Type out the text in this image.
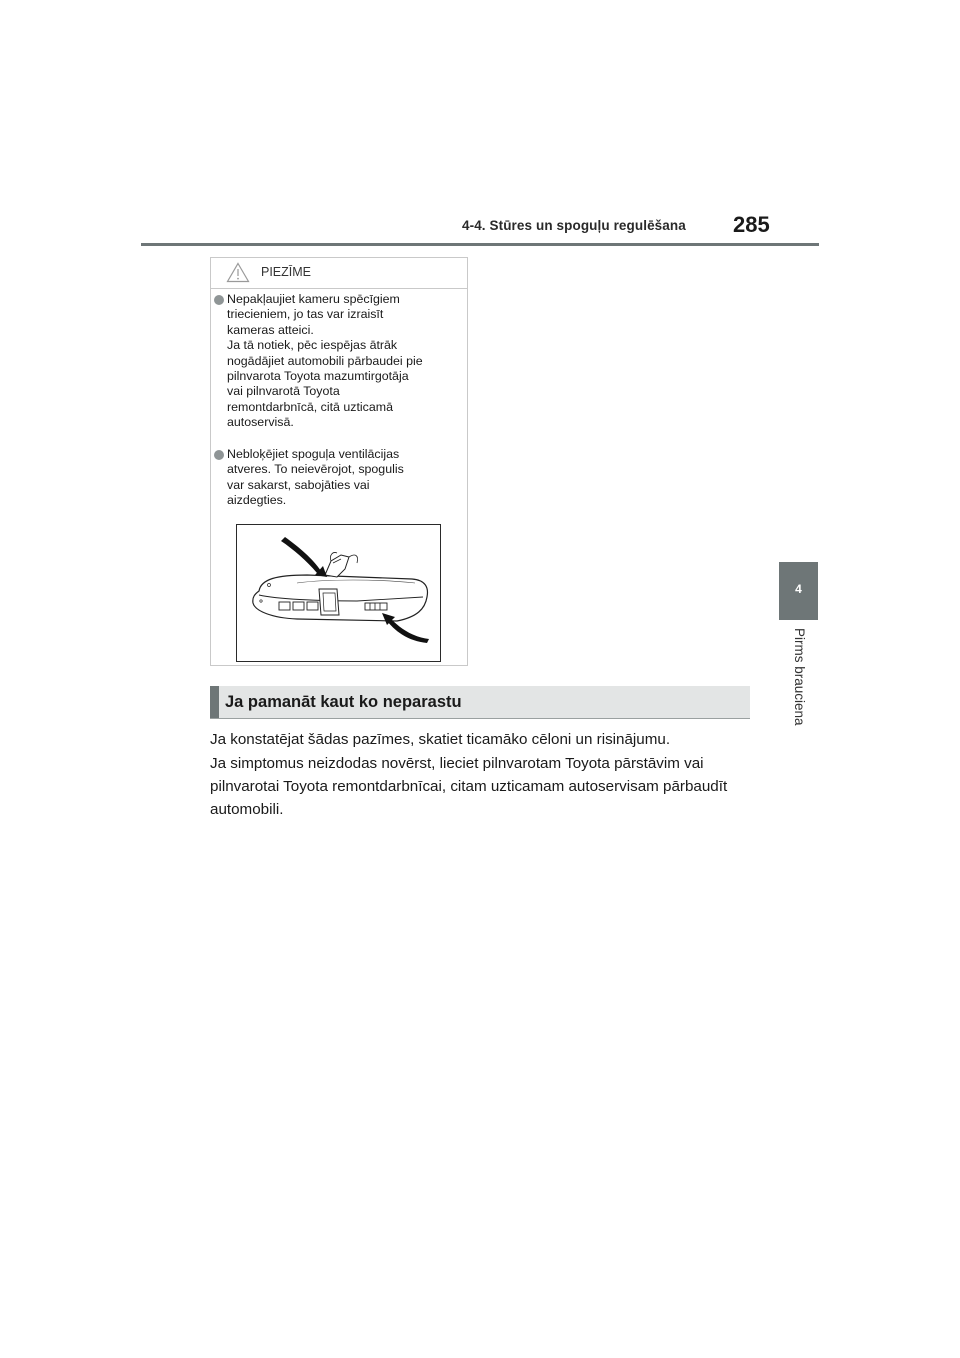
4-4. Stūres un spoguļu regulēšana 285
4
Pirms brauciena
PIEZĪME
Nepakļaujiet kameru spēcīgiem
triecieniem, jo tas var izraisīt
kameras atteici.
Ja tā notiek, pēc iespējas ātrāk
nogādājiet automobili pārbaudei pie
pilnvarota Toyota mazumtirgotāja
vai pilnvarotā Toyota
remontdarbnīcā, citā uzticamā
autoservisā.
Nebloķējiet spoguļa ventilācijas
atveres. To neievērojot, spogulis
var sakarst, sabojāties vai
aizdegties.
Ja pamanāt kaut ko neparastu
Ja konstatējat šādas pazīmes, skatiet ticamāko cēloni un risinājumu.
Ja simptomus neizdodas novērst, lieciet pilnvarotam Toyota pārstāvim vai pilnvarotai Toyota remontdarbnīcai, citam uzticamam autoservisam pārbaudīt automobili.
